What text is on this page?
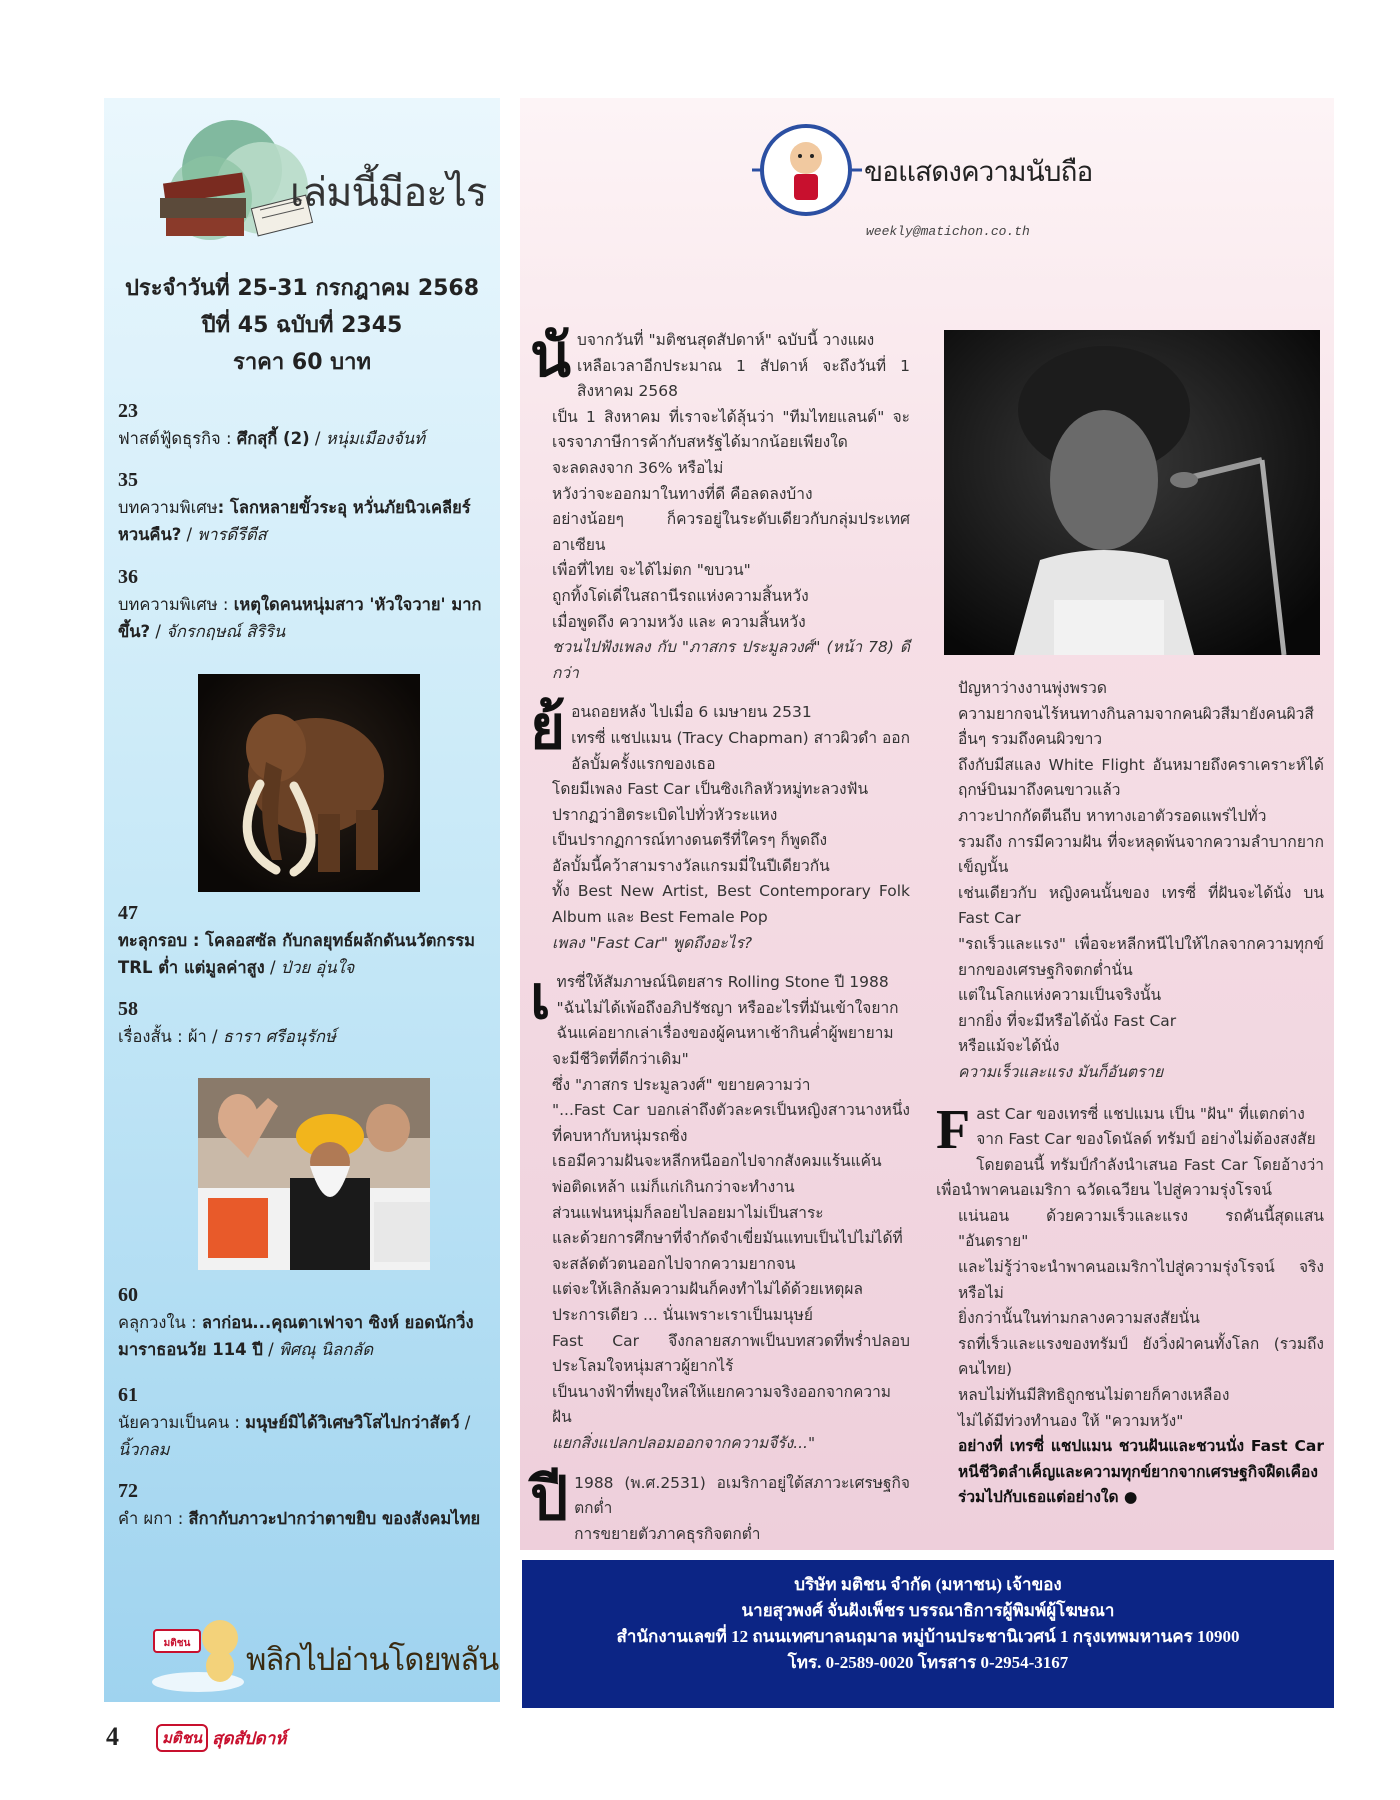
เล่มนี้มีอะไร
ประจำวันที่ 25-31 กรกฎาคม 2568
ปีที่ 45 ฉบับที่ 2345
ราคา 60 บาท
23
ฟาสต์ฟู้ดธุรกิจ : ศึกสุกี้ (2) / หนุ่มเมืองจันท์
35
บทความพิเศษ: โลกหลายขั้วระอุ หวั่นภัยนิวเคลียร์หวนคืน? / พารดีรีตีส
36
บทความพิเศษ : เหตุใดคนหนุ่มสาว 'หัวใจวาย' มากขึ้น? / จักรกฤษณ์ สิริริน
47
ทะลุกรอบ : โคลอสซัล กับกลยุทธ์ผลักดันนวัตกรรม TRL ต่ำ แต่มูลค่าสูง / ป่วย อุ่นใจ
58
เรื่องสั้น : ผ้า / ธารา ศรีอนุรักษ์
60
คลุกวงใน : ลาก่อน...คุณตาเฟาจา ซิงห์ ยอดนักวิ่งมาราธอนวัย 114 ปี / พิศณุ นิลกลัด
61
นัยความเป็นคน : มนุษย์มิได้วิเศษวิโสไปกว่าสัตว์ / นิ้วกลม
72
คำ ผกา : สีกากับภาวะปากว่าตาขยิบ ของสังคมไทย
มติชน พลิกไปอ่านโดยพลัน
ขอแสดงความนับถือ
weekly@matichon.co.th
นั บจากวันที่ "มติชนสุดสัปดาห์" ฉบับนี้ วางแผง

เหลือเวลาอีกประมาณ 1 สัปดาห์ จะถึงวันที่ 1 สิงหาคม 2568

เป็น 1 สิงหาคม ที่เราจะได้ลุ้นว่า "ทีมไทยแลนด์" จะเจรจาภาษีการค้ากับสหรัฐได้มากน้อยเพียงใด

จะลดลงจาก 36% หรือไม่

หวังว่าจะออกมาในทางที่ดี คือลดลงบ้าง

อย่างน้อยๆ ก็ควรอยู่ในระดับเดียวกับกลุ่มประเทศอาเซียน

เพื่อที่ไทย จะได้ไม่ตก "ขบวน"

ถูกทิ้งโด่เดี่ในสถานีรถแห่งความสิ้นหวัง

เมื่อพูดถึง ความหวัง และ ความสิ้นหวัง

ชวนไปฟังเพลง กับ "ภาสกร ประมูลวงศ์" (หน้า 78) ดีกว่า

ย้ อนถอยหลัง ไปเมื่อ 6 เมษายน 2531

เทรซี่ แชปแมน (Tracy Chapman) สาวผิวดำ ออกอัลบั้มครั้งแรกของเธอ

โดยมีเพลง Fast Car เป็นซิงเกิลหัวหมู่ทะลวงฟัน

ปรากฏว่าฮิตระเบิดไปทั่วหัวระแหง

เป็นปรากฏการณ์ทางดนตรีที่ใครๆ ก็พูดถึง

อัลบั้มนี้คว้าสามรางวัลแกรมมี่ในปีเดียวกัน

ทั้ง Best New Artist, Best Contemporary Folk Album และ Best Female Pop

เพลง "Fast Car" พูดถึงอะไร?

เ ทรซี่ให้สัมภาษณ์นิตยสาร Rolling Stone ปี 1988

"ฉันไม่ได้เพ้อถึงอภิปรัชญา หรืออะไรที่มันเข้าใจยาก

ฉันแค่อยากเล่าเรื่องของผู้คนหาเช้ากินค่ำผู้พยายามจะมีชีวิตที่ดีกว่าเดิม"

ซึ่ง "ภาสกร ประมูลวงศ์" ขยายความว่า

"...Fast Car บอกเล่าถึงตัวละครเป็นหญิงสาวนางหนึ่งที่คบหากับหนุ่มรถซิ่ง

เธอมีความฝันจะหลีกหนีออกไปจากสังคมแร้นแค้น

พ่อติดเหล้า แม่ก็แก่เกินกว่าจะทำงาน

ส่วนแฟนหนุ่มก็ลอยไปลอยมาไม่เป็นสาระ

และด้วยการศึกษาที่จำกัดจำเขี่ยมันแทบเป็นไปไม่ได้ที่จะสลัดตัวตนออกไปจากความยากจน

แต่จะให้เลิกล้มความฝันก็คงทำไม่ได้ด้วยเหตุผลประการเดียว ... นั่นเพราะเราเป็นมนุษย์

Fast Car จึงกลายสภาพเป็นบทสวดที่พร่ำปลอบประโลมใจหนุ่มสาวผู้ยากไร้

เป็นนางฟ้าที่พยุงใหล่ให้แยกความจริงออกจากความฝัน

แยกสิ่งแปลกปลอมออกจากความจีรัง..."

ปี 1988 (พ.ศ.2531) อเมริกาอยู่ใต้สภาวะเศรษฐกิจตกต่ำ

การขยายตัวภาคธุรกิจตกต่ำ

ปัญหาว่างงานพุ่งพรวด

ความยากจนไร้หนทางกินลามจากคนผิวสีมายังคนผิวสีอื่นๆ รวมถึงคนผิวขาว

ถึงกับมีสแลง White Flight อันหมายถึงคราเคราะห์ได้ฤกษ์บินมาถึงคนขาวแล้ว

ภาวะปากกัดตีนถีบ หาทางเอาตัวรอดแพร่ไปทั่ว

รวมถึง การมีความฝัน ที่จะหลุดพ้นจากความลำบากยากเข็ญนั้น

เช่นเดียวกับ หญิงคนนั้นของ เทรซี่ ที่ฝันจะได้นั่ง บน Fast Car

"รถเร็วและแรง" เพื่อจะหลีกหนีไปให้ไกลจากความทุกข์ยากของเศรษฐกิจตกต่ำนั่น

แต่ในโลกแห่งความเป็นจริงนั้น

ยากยิ่ง ที่จะมีหรือได้นั่ง Fast Car

หรือแม้จะได้นั่ง

ความเร็วและแรง มันก็อันตราย

F ast Car ของเทรซี่ แชปแมน เป็น "ฝัน" ที่แตกต่าง

จาก Fast Car ของโดนัลด์ ทรัมป์ อย่างไม่ต้องสงสัย

โดยตอนนี้ ทรัมป์กำลังนำเสนอ Fast Car โดยอ้างว่าเพื่อนำพาคนอเมริกา ฉวัดเฉวียน ไปสู่ความรุ่งโรจน์

แน่นอน ด้วยความเร็วและแรง รถคันนี้สุดแสน "อันตราย"

และไม่รู้ว่าจะนำพาคนอเมริกาไปสู่ความรุ่งโรจน์ จริงหรือไม่

ยิ่งกว่านั้นในท่ามกลางความสงสัยนั่น

รถที่เร็วและแรงของทรัมป์ ยังวิ่งฝ่าคนทั้งโลก (รวมถึงคนไทย)

หลบไม่ทันมีสิทธิถูกชนไม่ตายก็คางเหลือง

ไม่ได้มีท่วงทำนอง ให้ "ความหวัง"

อย่างที่ เทรซี่ แชปแมน ชวนฝันและชวนนั่ง Fast Car หนีชีวิตลำเค็ญและความทุกข์ยากจากเศรษฐกิจฝืดเคือง ร่วมไปกับเธอแต่อย่างใด ●

บริษัท มติชน จำกัด (มหาชน) เจ้าของ
นายสุวพงศ์ จั่นฝังเพ็ชร บรรณาธิการผู้พิมพ์ผู้โฆษณา
สำนักงานเลขที่ 12 ถนนเทศบาลนฤมาล หมู่บ้านประชานิเวศน์ 1 กรุงเทพมหานคร 10900
โทร. 0-2589-0020 โทรสาร 0-2954-3167
4	มติชน สุดสัปดาห์
